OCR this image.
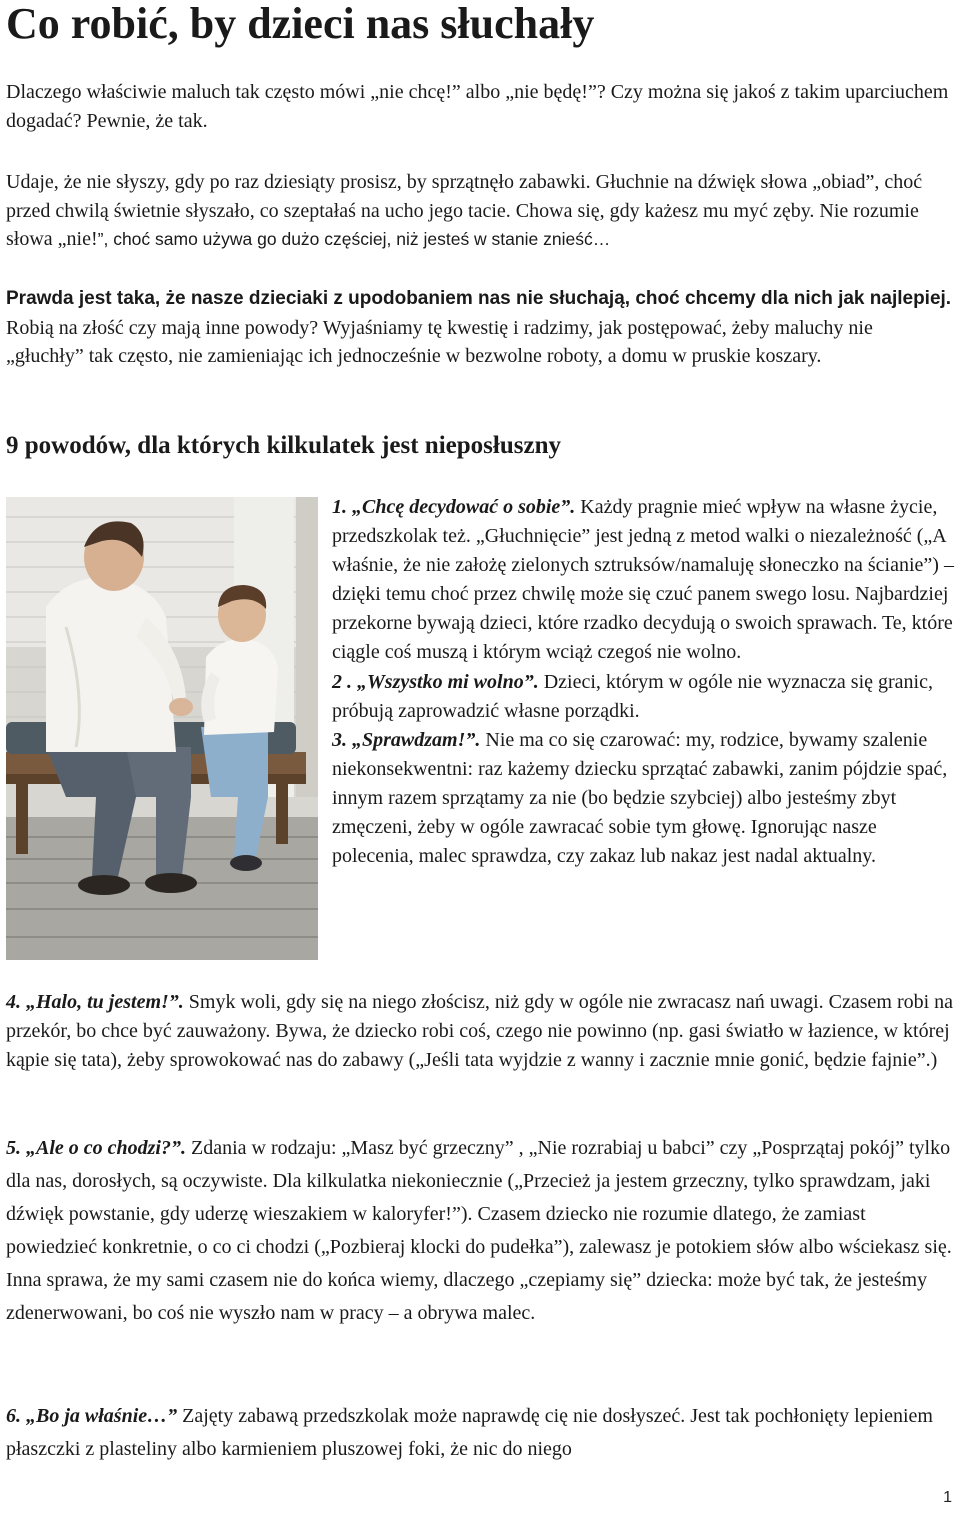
Co robić, by dzieci nas słuchały

Dlaczego właściwie maluch tak często mówi „nie chcę!” albo „nie będę!”? Czy można się jakoś z takim uparciuchem dogadać? Pewnie, że tak.

Udaje, że nie słyszy, gdy po raz dziesiąty prosisz, by sprzątnęło zabawki. Głuchnie na dźwięk słowa „obiad”, choć przed chwilą świetnie słyszało, co szeptałaś na ucho jego tacie. Chowa się, gdy każesz mu myć zęby. Nie rozumie słowa „nie!”, choć samo używa go dużo częściej, niż jesteś w stanie znieść…

Prawda jest taka, że nasze dzieciaki z upodobaniem nas nie słuchają, choć chcemy dla nich jak najlepiej. Robią na złość czy mają inne powody? Wyjaśniamy tę kwestię i radzimy, jak postępować, żeby maluchy nie „głuchły” tak często, nie zamieniając ich jednocześnie w bezwolne roboty, a domu w pruskie koszary.

9 powodów, dla których kilkulatek jest nieposłuszny
1. „Chcę decydować o sobie”. Każdy pragnie mieć wpływ na własne życie, przedszkolak też. „Głuchnięcie” jest jedną z metod walki o niezależność („A właśnie, że nie założę zielonych sztruksów/namaluję słoneczko na ścianie”) – dzięki temu choć przez chwilę może się czuć panem swego losu. Najbardziej przekorne bywają dzieci, które rzadko decydują o swoich sprawach. Te, które ciągle coś muszą i którym wciąż czegoś nie wolno.
2 . „Wszystko mi wolno”. Dzieci, którym w ogóle nie wyznacza się granic, próbują zaprowadzić własne porządki.
3. „Sprawdzam!”. Nie ma co się czarować: my, rodzice, bywamy szalenie niekonsekwentni: raz każemy dziecku sprzątać zabawki, zanim pójdzie spać, innym razem sprzątamy za nie (bo będzie szybciej) albo jesteśmy zbyt zmęczeni, żeby w ogóle zawracać sobie tym głowę. Ignorując nasze polecenia, malec sprawdza, czy zakaz lub nakaz jest nadal aktualny.

4. „Halo, tu jestem!”. Smyk woli, gdy się na niego złościsz, niż gdy w ogóle nie zwracasz nań uwagi. Czasem robi na przekór, bo chce być zauważony. Bywa, że dziecko robi coś, czego nie powinno (np. gasi światło w łazience, w której kąpie się tata), żeby sprowokować nas do zabawy („Jeśli tata wyjdzie z wanny i zacznie mnie gonić, będzie fajnie”.)

5. „Ale o co chodzi?”. Zdania w rodzaju: „Masz być grzeczny” , „Nie rozrabiaj u babci” czy „Posprzątaj pokój” tylko dla nas, dorosłych, są oczywiste. Dla kilkulatka niekoniecznie („Przecież ja jestem grzeczny, tylko sprawdzam, jaki dźwięk powstanie, gdy uderzę wieszakiem w kaloryfer!”). Czasem dziecko nie rozumie dlatego, że zamiast powiedzieć konkretnie, o co ci chodzi („Pozbieraj klocki do pudełka”), zalewasz je potokiem słów albo wściekasz się. Inna sprawa, że my sami czasem nie do końca wiemy, dlaczego „czepiamy się” dziecka: może być tak, że jesteśmy zdenerwowani, bo coś nie wyszło nam w pracy – a obrywa malec.

6. „Bo ja właśnie…” Zajęty zabawą przedszkolak może naprawdę cię nie dosłyszeć. Jest tak pochłonięty lepieniem płaszczki z plasteliny albo karmieniem pluszowej foki, że nic do niego

1
